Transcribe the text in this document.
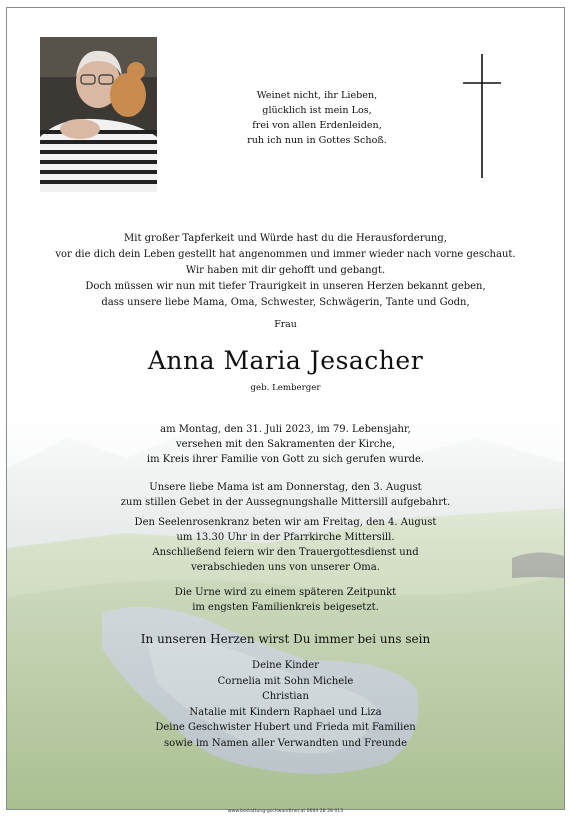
Weinet nicht, ihr Lieben,
glücklich ist mein Los,
frei von allen Erdenleiden,
ruh ich nun in Gottes Schoß.
Mit großer Tapferkeit und Würde hast du die Herausforderung,
vor die dich dein Leben gestellt hat angenommen und immer wieder nach vorne geschaut.
Wir haben mit dir gehofft und gebangt.
Doch müssen wir nun mit tiefer Traurigkeit in unseren Herzen bekannt geben,
dass unsere liebe Mama, Oma, Schwester, Schwägerin, Tante und Godn,
Frau
Anna Maria Jesacher
geb. Lemberger
am Montag, den 31. Juli 2023, im 79. Lebensjahr,
versehen mit den Sakramenten der Kirche,
im Kreis ihrer Familie von Gott zu sich gerufen wurde.
Unsere liebe Mama ist am Donnerstag, den 3. August
zum stillen Gebet in der Aussegnungshalle Mittersill aufgebahrt.
Den Seelenrosenkranz beten wir am Freitag, den 4. August
um 13.30 Uhr in der Pfarrkirche Mittersill.
Anschließend feiern wir den Trauergottesdienst und
verabschieden uns von unserer Oma.
Die Urne wird zu einem späteren Zeitpunkt
im engsten Familienkreis beigesetzt.
In unseren Herzen wirst Du immer bei uns sein
Deine Kinder
Cornelia mit Sohn Michele
Christian
Natalie mit Kindern Raphael und Liza
Deine Geschwister Hubert und Frieda mit Familien
sowie im Namen aller Verwandten und Freunde
www.bestattung-gschwandtner.at 0664 28 28 013
